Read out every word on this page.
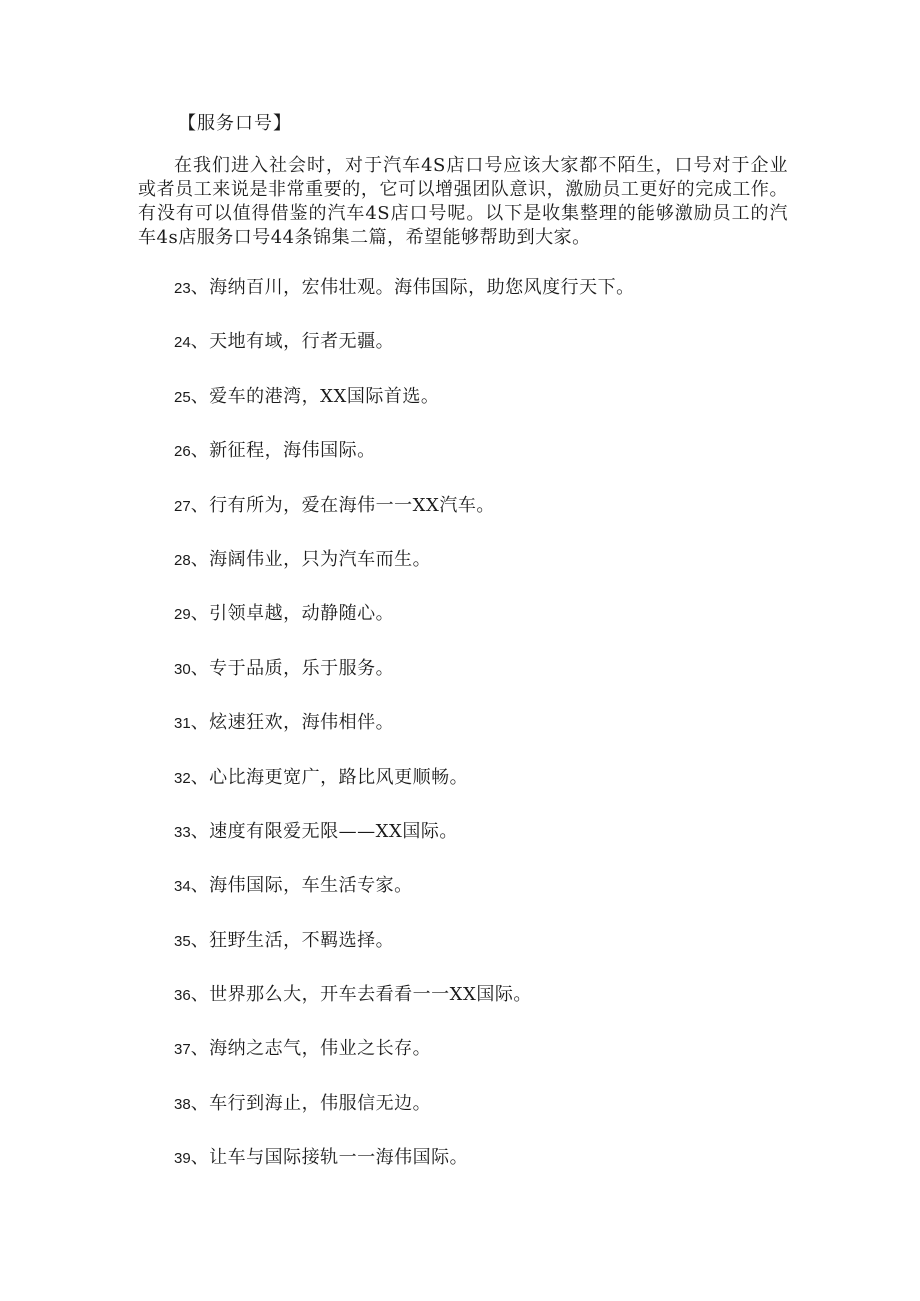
【服务口号】

在我们进入社会时，对于汽车4S店口号应该大家都不陌生，口号对于企业或者员工来说是非常重要的，它可以增强团队意识，激励员工更好的完成工作。有没有可以值得借鉴的汽车4S店口号呢。以下是收集整理的能够激励员工的汽车4s店服务口号44条锦集二篇，希望能够帮助到大家。

23、海纳百川，宏伟壮观。海伟国际，助您风度行天下。
24、天地有域，行者无疆。
25、爱车的港湾，XX国际首选。
26、新征程，海伟国际。
27、行有所为，爱在海伟一一XX汽车。
28、海阔伟业，只为汽车而生。
29、引领卓越，动静随心。
30、专于品质，乐于服务。
31、炫速狂欢，海伟相伴。
32、心比海更宽广，路比风更顺畅。
33、速度有限爱无限——XX国际。
34、海伟国际，车生活专家。
35、狂野生活，不羁选择。
36、世界那么大，开车去看看一一XX国际。
37、海纳之志气，伟业之长存。
38、车行到海止，伟服信无边。
39、让车与国际接轨一一海伟国际。
